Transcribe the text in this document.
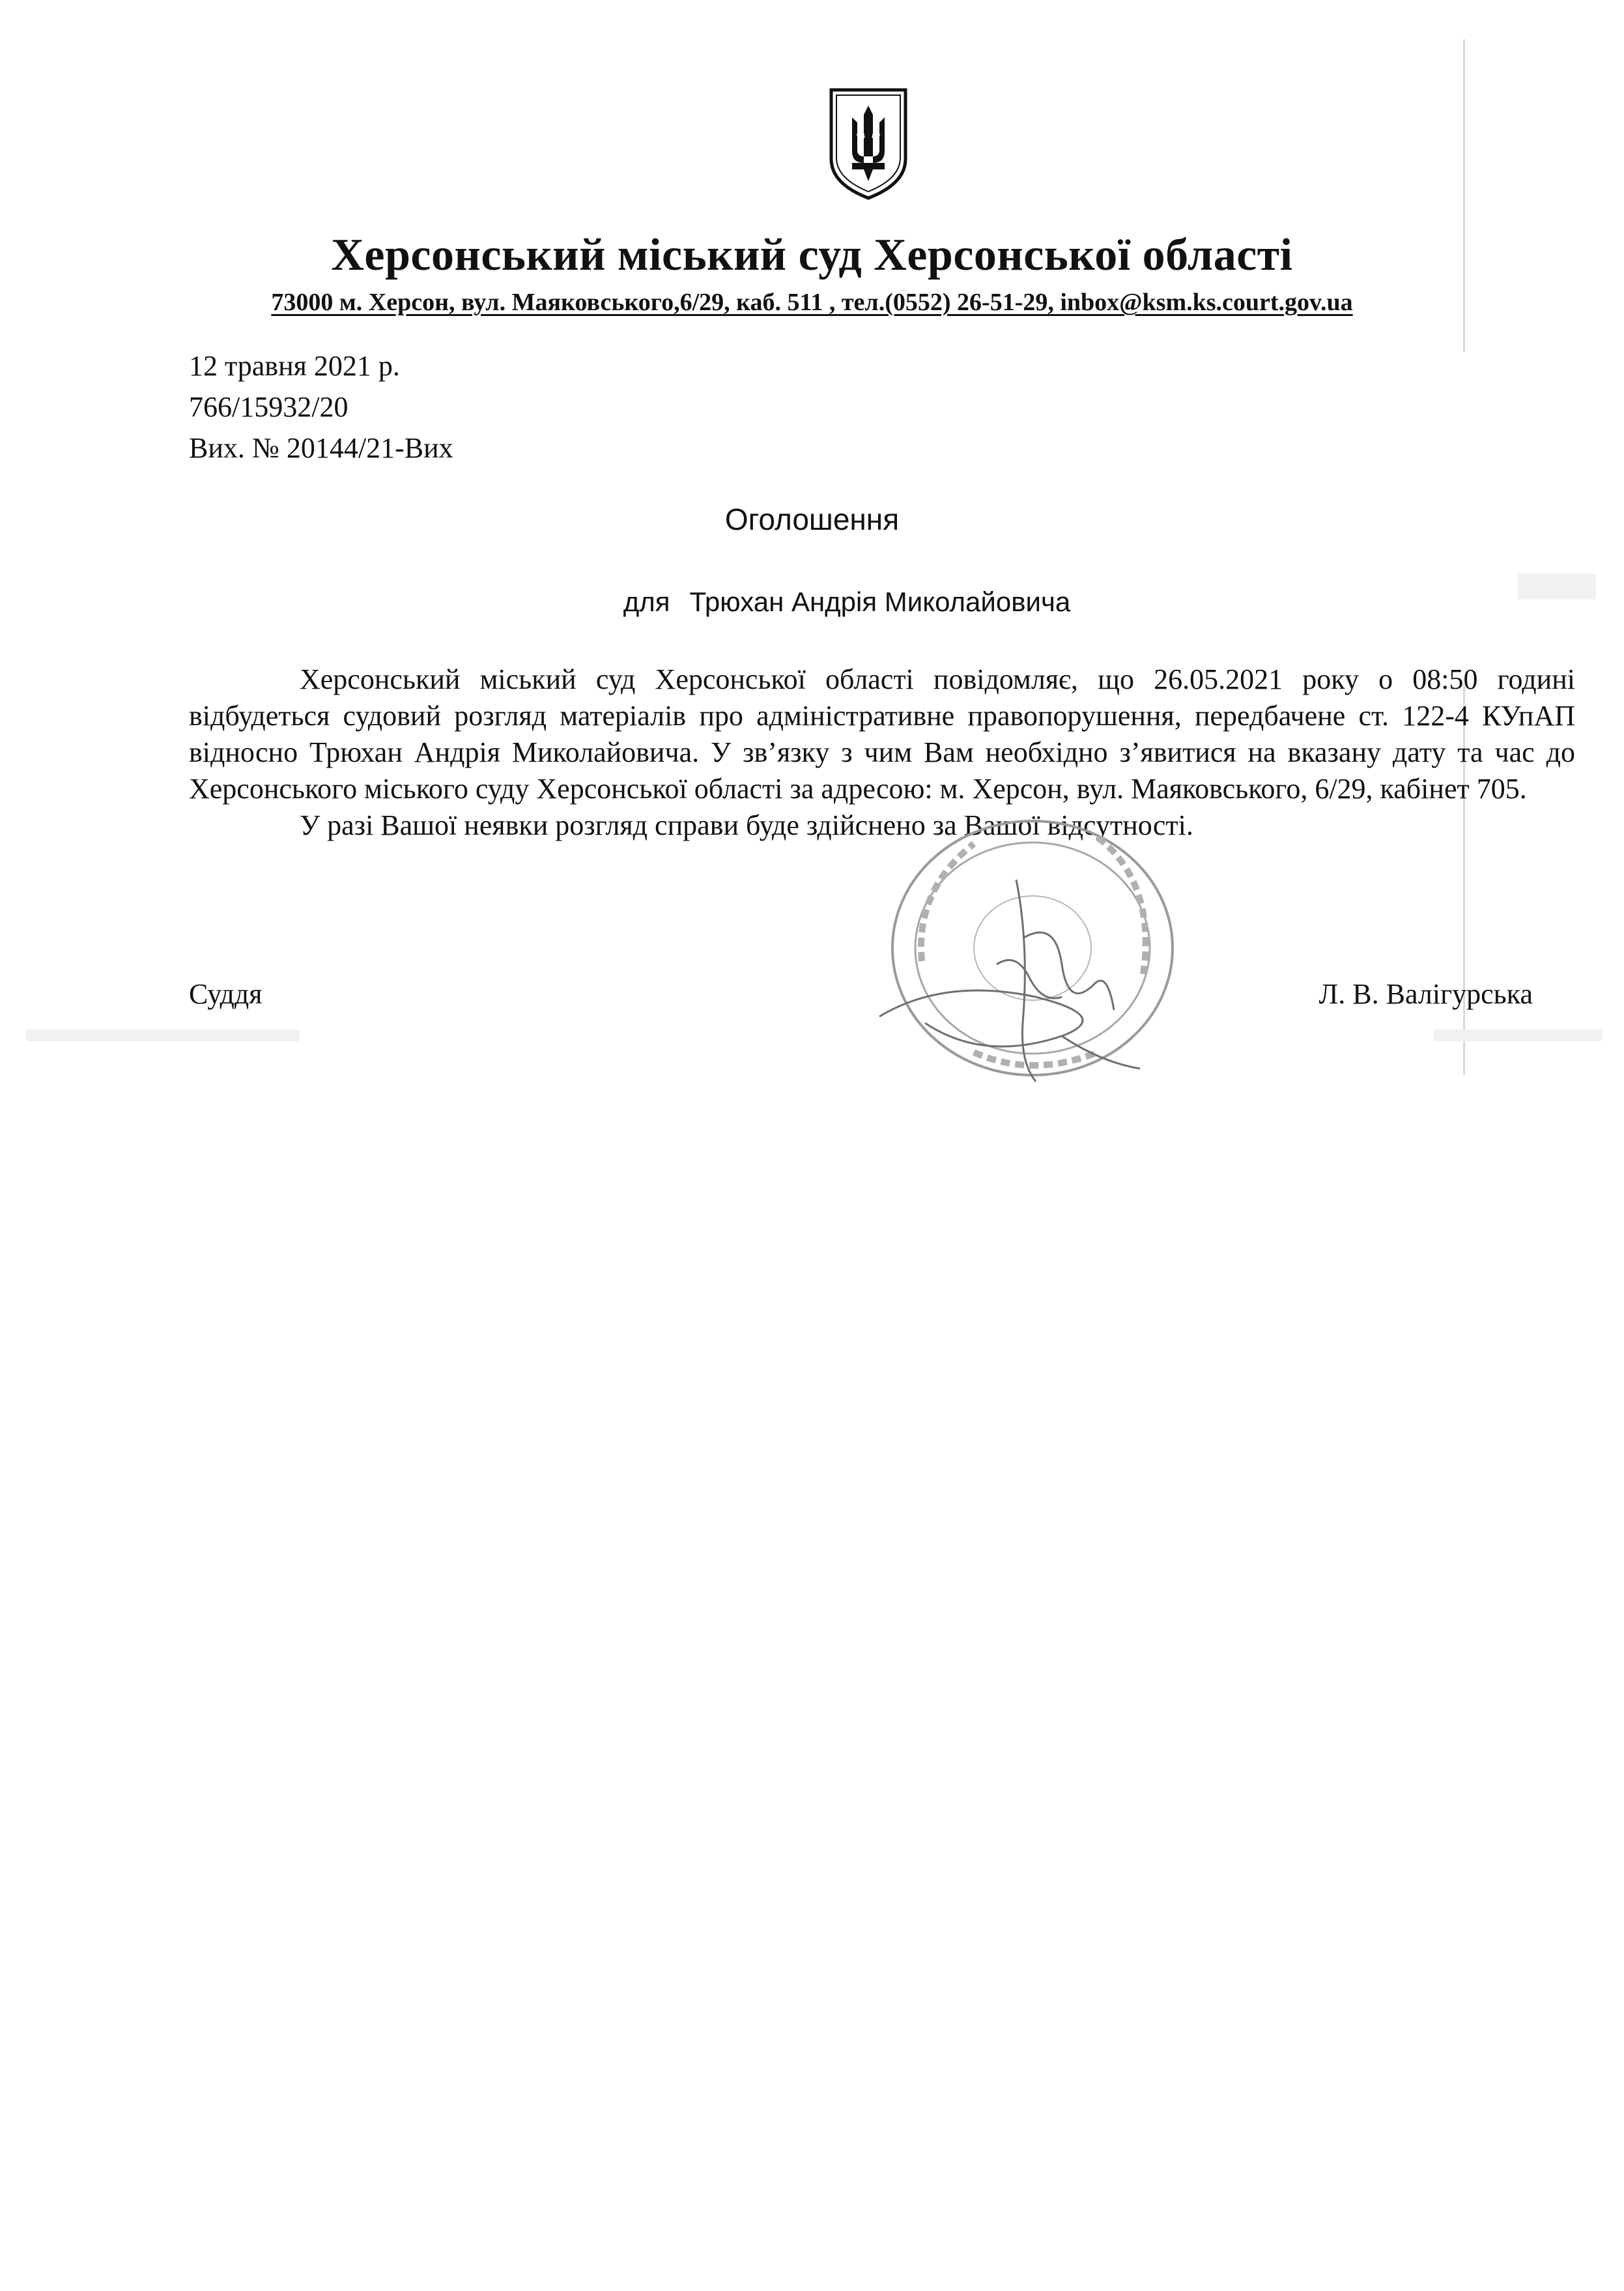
Херсонський міський суд Херсонської області
73000 м. Херсон, вул. Маяковського,6/29, каб. 511 , тел.(0552) 26-51-29, inbox@ksm.ks.court.gov.ua
12 травня 2021 р.
766/15932/20
Вих. № 20144/21-Вих
Оголошення
для Трюхан Андрія Миколайовича

Херсонський міський суд Херсонської області повідомляє, що 26.05.2021 року о 08:50 годині відбудеться судовий розгляд матеріалів про адміністративне правопорушення, передбачене ст. 122-4 КУпАП відносно Трюхан Андрія Миколайовича. У зв’язку з чим Вам необхідно з’явитися на вказану дату та час до Херсонського міського суду Херсонської області за адресою: м. Херсон, вул. Маяковського, 6/29, кабінет 705.

У разі Вашої неявки розгляд справи буде здійснено за Вашої відсутності.

Суддя	Л. В. Валігурська
